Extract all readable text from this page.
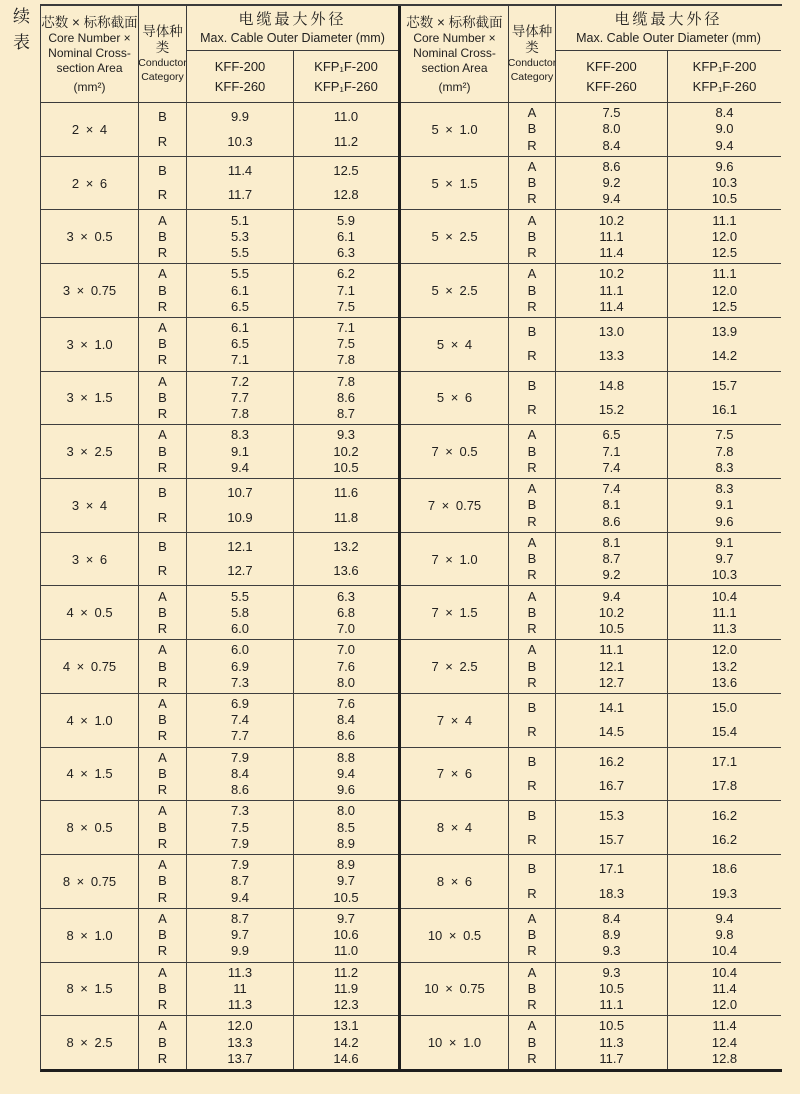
续表 芯数 × 标称截面
Core Number ×
Nominal Cross-
section Area
(mm²)
导体种
类
Conductor
Category
电缆最大外径
Max. Cable Outer Diameter (mm)
KFF-200
KFF-260
KFP₁F-200
KFP₁F-260
2 × 4
B
R
9.9
10.3
11.0
11.2
2 × 6
B
R
11.4
11.7
12.5
12.8
3 × 0.5
A
B
R
5.1
5.3
5.5
5.9
6.1
6.3
3 × 0.75
A
B
R
5.5
6.1
6.5
6.2
7.1
7.5
3 × 1.0
A
B
R
6.1
6.5
7.1
7.1
7.5
7.8
3 × 1.5
A
B
R
7.2
7.7
7.8
7.8
8.6
8.7
3 × 2.5
A
B
R
8.3
9.1
9.4
9.3
10.2
10.5
3 × 4
B
R
10.7
10.9
11.6
11.8
3 × 6
B
R
12.1
12.7
13.2
13.6
4 × 0.5
A
B
R
5.5
5.8
6.0
6.3
6.8
7.0
4 × 0.75
A
B
R
6.0
6.9
7.3
7.0
7.6
8.0
4 × 1.0
A
B
R
6.9
7.4
7.7
7.6
8.4
8.6
4 × 1.5
A
B
R
7.9
8.4
8.6
8.8
9.4
9.6
8 × 0.5
A
B
R
7.3
7.5
7.9
8.0
8.5
8.9
8 × 0.75
A
B
R
7.9
8.7
9.4
8.9
9.7
10.5
8 × 1.0
A
B
R
8.7
9.7
9.9
9.7
10.6
11.0
8 × 1.5
A
B
R
11.3
11
11.3
11.2
11.9
12.3
8 × 2.5
A
B
R
12.0
13.3
13.7
13.1
14.2
14.6
芯数 × 标称截面
Core Number ×
Nominal Cross-
section Area
(mm²)
导体种
类
Conductor
Category
电缆最大外径
Max. Cable Outer Diameter (mm)
KFF-200
KFF-260
KFP₁F-200
KFP₁F-260
5 × 1.0
A
B
R
7.5
8.0
8.4
8.4
9.0
9.4
5 × 1.5
A
B
R
8.6
9.2
9.4
9.6
10.3
10.5
5 × 2.5
A
B
R
10.2
11.1
11.4
11.1
12.0
12.5
5 × 2.5
A
B
R
10.2
11.1
11.4
11.1
12.0
12.5
5 × 4
B
R
13.0
13.3
13.9
14.2
5 × 6
B
R
14.8
15.2
15.7
16.1
7 × 0.5
A
B
R
6.5
7.1
7.4
7.5
7.8
8.3
7 × 0.75
A
B
R
7.4
8.1
8.6
8.3
9.1
9.6
7 × 1.0
A
B
R
8.1
8.7
9.2
9.1
9.7
10.3
7 × 1.5
A
B
R
9.4
10.2
10.5
10.4
11.1
11.3
7 × 2.5
A
B
R
11.1
12.1
12.7
12.0
13.2
13.6
7 × 4
B
R
14.1
14.5
15.0
15.4
7 × 6
B
R
16.2
16.7
17.1
17.8
8 × 4
B
R
15.3
15.7
16.2
16.2
8 × 6
B
R
17.1
18.3
18.6
19.3
10 × 0.5
A
B
R
8.4
8.9
9.3
9.4
9.8
10.4
10 × 0.75
A
B
R
9.3
10.5
11.1
10.4
11.4
12.0
10 × 1.0
A
B
R
10.5
11.3
11.7
11.4
12.4
12.8
